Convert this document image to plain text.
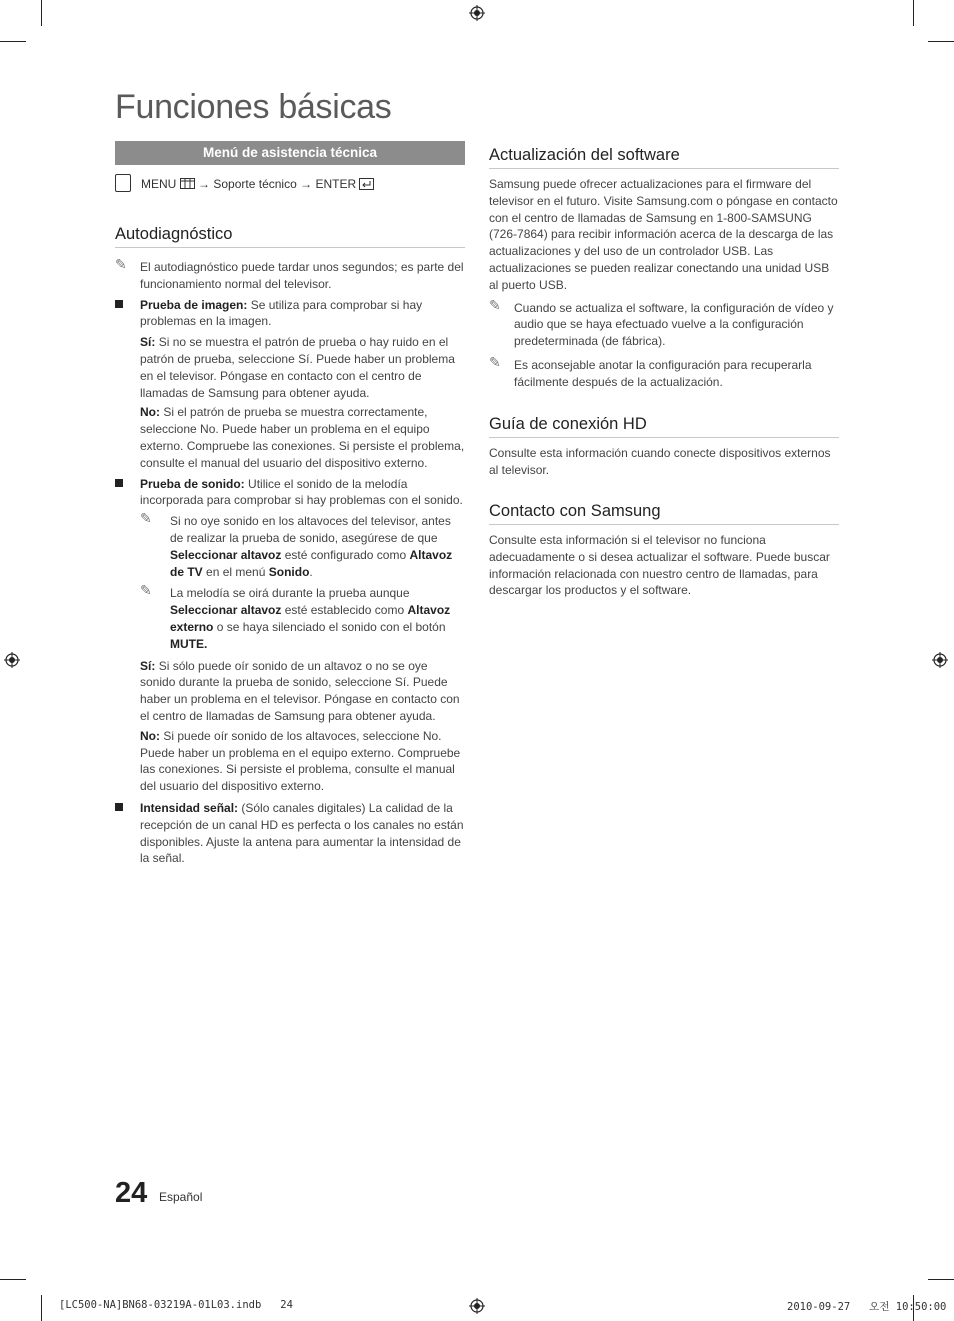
Funciones básicas
Menú de asistencia técnica
MENU → Soporte técnico → ENTER
Autodiagnóstico
✎ El autodiagnóstico puede tardar unos segundos; es parte del funcionamiento normal del televisor.

Prueba de imagen: Se utiliza para comprobar si hay problemas en la imagen.

Sí: Si no se muestra el patrón de prueba o hay ruido en el patrón de prueba, seleccione Sí. Puede haber un problema en el televisor. Póngase en contacto con el centro de llamadas de Samsung para obtener ayuda.

No: Si el patrón de prueba se muestra correctamente, seleccione No. Puede haber un problema en el equipo externo. Compruebe las conexiones. Si persiste el problema, consulte el manual del usuario del dispositivo externo.

Prueba de sonido: Utilice el sonido de la melodía incorporada para comprobar si hay problemas con el sonido.

✎ Si no oye sonido en los altavoces del televisor, antes de realizar la prueba de sonido, asegúrese de que Seleccionar altavoz esté configurado como Altavoz de TV en el menú Sonido.

✎ La melodía se oirá durante la prueba aunque Seleccionar altavoz esté establecido como Altavoz externo o se haya silenciado el sonido con el botón MUTE.

Sí: Si sólo puede oír sonido de un altavoz o no se oye sonido durante la prueba de sonido, seleccione Sí. Puede haber un problema en el televisor. Póngase en contacto con el centro de llamadas de Samsung para obtener ayuda.

No: Si puede oír sonido de los altavoces, seleccione No. Puede haber un problema en el equipo externo. Compruebe las conexiones. Si persiste el problema, consulte el manual del usuario del dispositivo externo.

Intensidad señal: (Sólo canales digitales) La calidad de la recepción de un canal HD es perfecta o los canales no están disponibles. Ajuste la antena para aumentar la intensidad de la señal.

Actualización del software

Samsung puede ofrecer actualizaciones para el firmware del televisor en el futuro. Visite Samsung.com o póngase en contacto con el centro de llamadas de Samsung en 1-800-SAMSUNG (726-7864) para recibir información acerca de la descarga de las actualizaciones y del uso de un controlador USB. Las actualizaciones se pueden realizar conectando una unidad USB al puerto USB.

✎ Cuando se actualiza el software, la configuración de vídeo y audio que se haya efectuado vuelve a la configuración predeterminada (de fábrica).

✎ Es aconsejable anotar la configuración para recuperarla fácilmente después de la actualización.

Guía de conexión HD
Consulte esta información cuando conecte dispositivos externos al televisor.
Contacto con Samsung
Consulte esta información si el televisor no funciona adecuadamente o si desea actualizar el software. Puede buscar información relacionada con nuestro centro de llamadas, para descargar los productos y el software.
24 Español
[LC500-NA]BN68-03219A-01L03.indb   24	2010-09-27   오전 10:50:00
